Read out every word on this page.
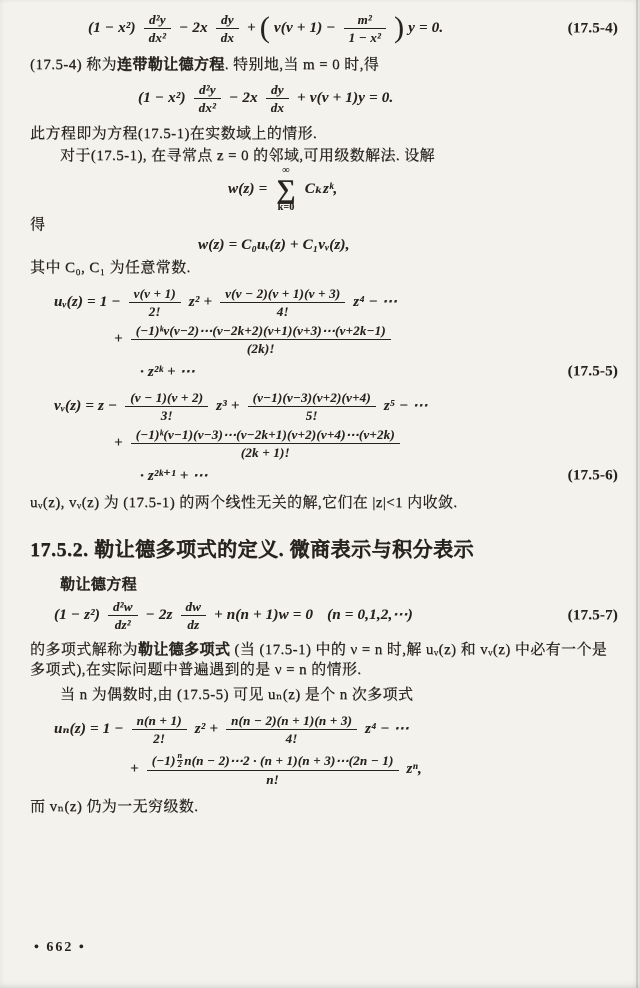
$(1 - x^2) \frac{\text{d²y}}{\text{dx²}} - 2x \frac{dy}{dx}$ + ( $\nu(\nu + 1) - \frac{\text{m²}}{\text{1 − x²}}$ ) y = 0.	(17.5-4)

(17.5-4) 称为连带勒让德方程. 特别地,当 m = 0 时,得

$(1 - x^2) \frac{\text{d²y}}{\text{dx²}} - 2x \frac{dy}{dx} + \nu(\nu + 1)y = 0$.

此方程即为方程(17.5-1)在实数域上的情形.

对于(17.5-1), 在寻常点 z = 0 的邻域,可用级数解法. 设解

w(z) =
∞
∑
k=0
Cₖzᵏ,

得

w(z) = C₀uᵥ(z) + C₁vᵥ(z),

其中 C₀, C₁ 为任意常数.

uᵥ(z) = $1 - \frac{\nu(\nu + 1)}{2!} z^2 + \frac{\nu(\nu - 2)(\nu + 1)(\nu + 3)}{4!} z^4$ − ⋯
+ $\frac{\text{(−1)ᵏν(ν−2)⋯(ν−2k+2)(ν+1)(ν+3)⋯(ν+2k−1)}}{(2k)!}$
· z²ᵏ + ⋯	(17.5-5)
vᵥ(z) = $z - \frac{(\nu - 1)(\nu + 2)}{3!} z^3 + \frac{(\nu-1)(\nu-3)(\nu+2)(\nu+4)}{5!} z^5$ − ⋯
+ $\frac{\text{(−1)ᵏ(ν−1)(ν−3)⋯(ν−2k+1)(ν+2)(ν+4)⋯(ν+2k)}}{(2k + 1)!}$
· z²ᵏ⁺¹ + ⋯	(17.5-6)

uᵥ(z), vᵥ(z) 为 (17.5-1) 的两个线性无关的解,它们在 |z|<1 内收敛.

17.5.2. 勒让德多项式的定义. 微商表示与积分表示

勒让德方程

$(1 - z^2) \frac{\text{d²w}}{\text{dz²}} - 2z \frac{dw}{dz} + n(n + 1)w = 0$ (n = 0,1,2,⋯)	(17.5-7)

的多项式解称为勒让德多项式 (当 (17.5-1) 中的 ν = n 时,解 uᵥ(z) 和 vᵥ(z) 中必有一个是多项式),在实际问题中普遍遇到的是 ν = n 的情形.

当 n 为偶数时,由 (17.5-5) 可见 uₙ(z) 是个 n 次多项式

$u_n(z) = 1 - \frac{n(n + 1)}{2!} z^2 + \frac{n(n - 2)(n + 1)(n + 3)}{4!} z^4$ − ⋯
+ (−1) $^{\frac{n}{2}}$ n(n − 2)⋯2 · (n + 1)(n + 3)⋯(2n − 1)
n! zⁿ,

而 vₙ(z) 仍为一无穷级数.

• 662 •
